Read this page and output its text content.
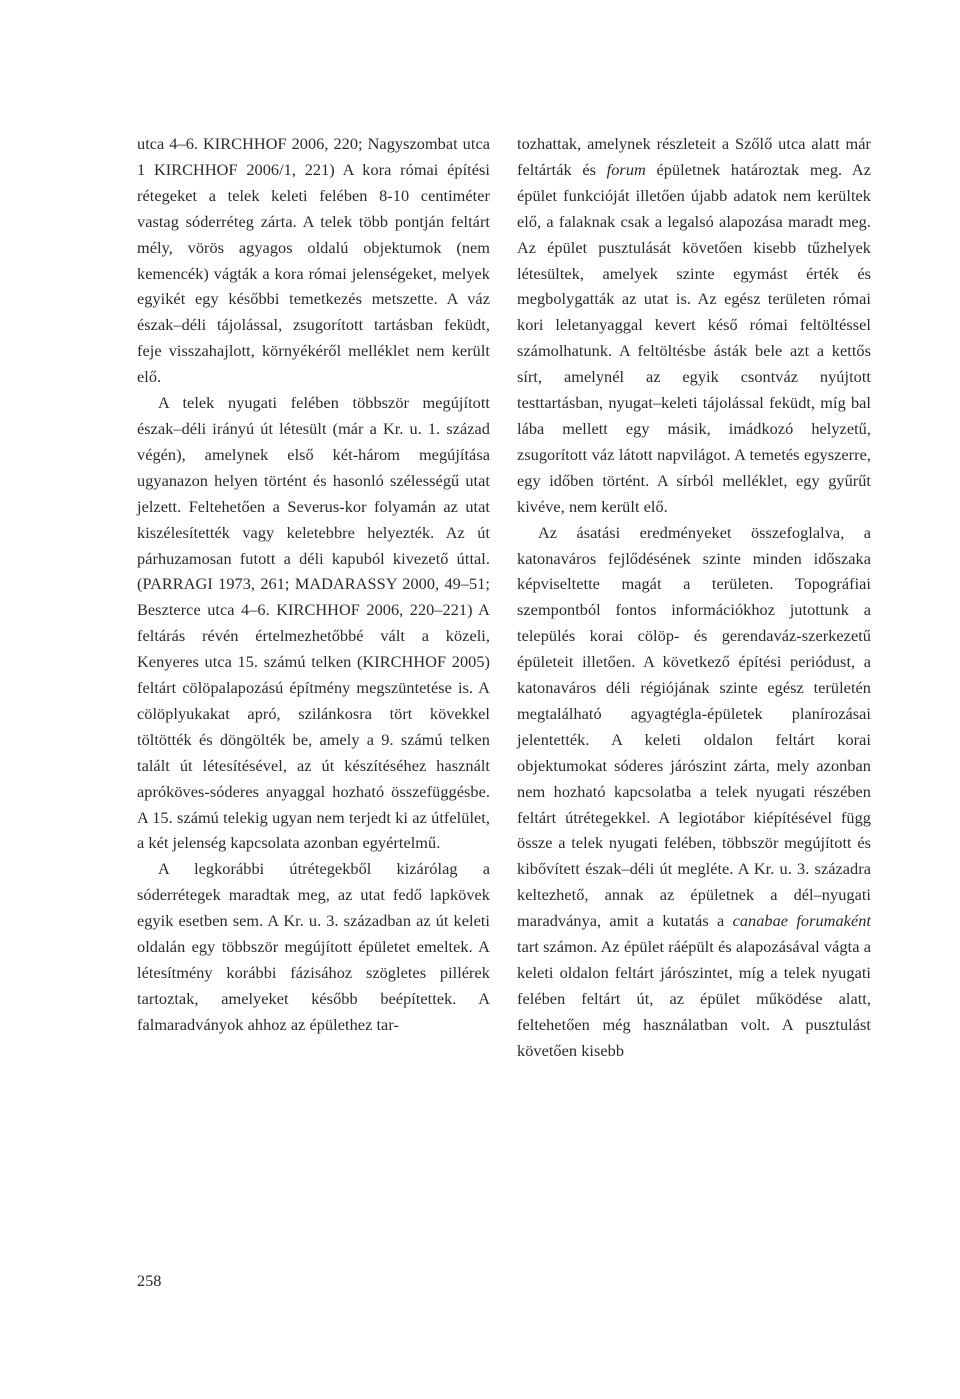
utca 4–6. KIRCHHOF 2006, 220; Nagyszombat utca 1 KIRCHHOF 2006/1, 221) A kora római építési rétegeket a telek keleti felében 8-10 centiméter vastag sóderréteg zárta. A telek több pontján feltárt mély, vörös agyagos oldalú objektumok (nem kemencék) vágták a kora római jelenségeket, melyek egyikét egy későbbi temetkezés metszette. A váz észak–déli tájolással, zsugorított tartásban feküdt, feje visszahajlott, környékéről melléklet nem került elő.

A telek nyugati felében többször megújított észak–déli irányú út létesült (már a Kr. u. 1. század végén), amelynek első két-három megújítása ugyanazon helyen történt és hasonló szélességű utat jelzett. Feltehetően a Severus-kor folyamán az utat kiszélesítették vagy keletebbre helyezték. Az út párhuzamosan futott a déli kapuból kivezető úttal. (PARRAGI 1973, 261; MADARASSY 2000, 49–51; Beszterce utca 4–6. KIRCHHOF 2006, 220–221) A feltárás révén értelmezhetőbbé vált a közeli, Kenyeres utca 15. számú telken (KIRCHHOF 2005) feltárt cölöpalapozású építmény megszüntetése is. A cölöplyukakat apró, szilánkosra tört kövekkel töltötték és döngölték be, amely a 9. számú telken talált út létesítésével, az út készítéséhez használt apróköves-sóderes anyaggal hozható összefüggésbe. A 15. számú telekig ugyan nem terjedt ki az útfelület, a két jelenség kapcsolata azonban egyértelmű.

A legkorábbi útrétegekből kizárólag a sóderrétegek maradtak meg, az utat fedő lapkövek egyik esetben sem. A Kr. u. 3. században az út keleti oldalán egy többször megújított épületet emeltek. A létesítmény korábbi fázisához szögletes pillérek tartoztak, amelyeket később beépítettek. A falmaradványok ahhoz az épülethez tar-

tozhattak, amelynek részleteit a Szőlő utca alatt már feltárták és forum épületnek határoztak meg. Az épület funkcióját illetően újabb adatok nem kerültek elő, a falaknak csak a legalsó alapozása maradt meg. Az épület pusztulását követően kisebb tűzhelyek létesültek, amelyek szinte egymást érték és megbolygatták az utat is. Az egész területen római kori leletanyaggal kevert késő római feltöltéssel számolhatunk. A feltöltésbe ásták bele azt a kettős sírt, amelynél az egyik csontváz nyújtott testtartásban, nyugat–keleti tájolással feküdt, míg bal lába mellett egy másik, imádkozó helyzetű, zsugorított váz látott napvilágot. A temetés egyszerre, egy időben történt. A sírból melléklet, egy gyűrűt kivéve, nem került elő.

Az ásatási eredményeket összefoglalva, a katonaváros fejlődésének szinte minden időszaka képviseltette magát a területen. Topográfiai szempontból fontos információkhoz jutottunk a település korai cölöp- és gerendaváz-szerkezetű épületeit illetően. A következő építési periódust, a katonaváros déli régiójának szinte egész területén megtalálható agyagtégla-épületek planírozásai jelentették. A keleti oldalon feltárt korai objektumokat sóderes járószint zárta, mely azonban nem hozható kapcsolatba a telek nyugati részében feltárt útrétegekkel. A legiotábor kiépítésével függ össze a telek nyugati felében, többször megújított és kibővített észak–déli út megléte. A Kr. u. 3. századra keltezhető, annak az épületnek a dél–nyugati maradványa, amit a kutatás a canabae forumaként tart számon. Az épület ráépült és alapozásával vágta a keleti oldalon feltárt járószintet, míg a telek nyugati felében feltárt út, az épület működése alatt, feltehetően még használatban volt. A pusztulást követően kisebb

258
